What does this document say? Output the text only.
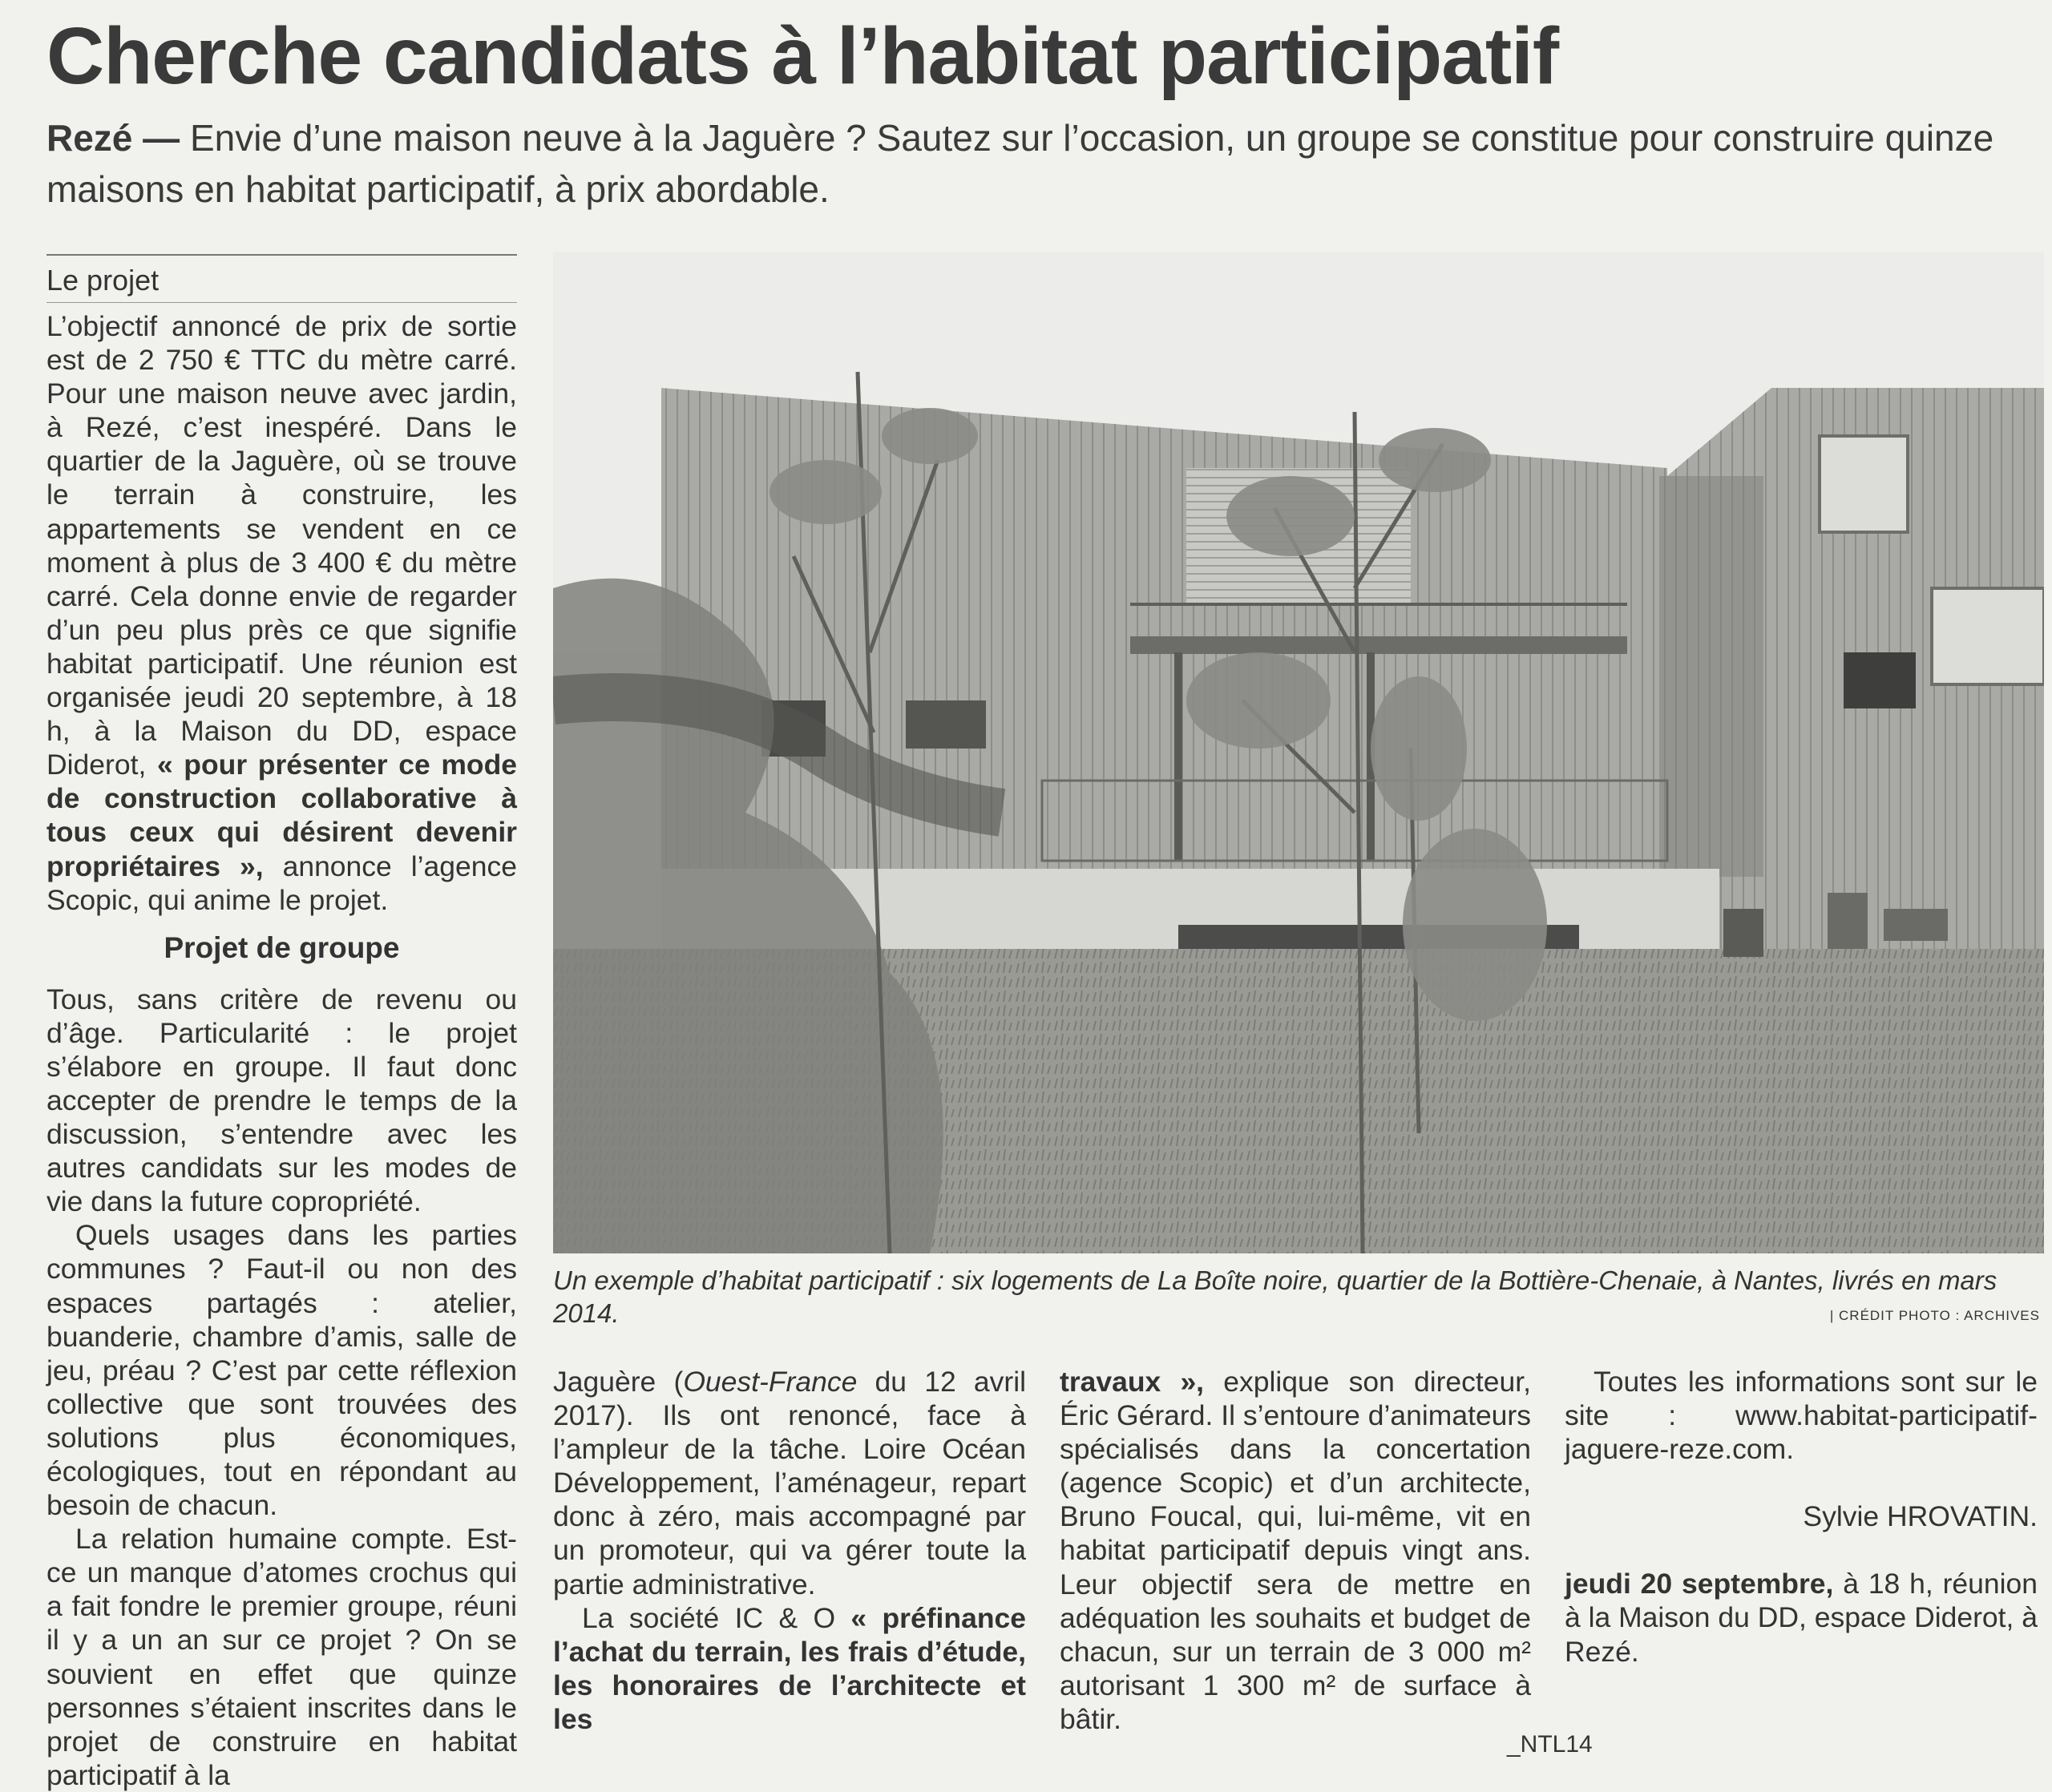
Cherche candidats à l’habitat participatif
Rezé — Envie d’une maison neuve à la Jaguère ? Sautez sur l’occasion, un groupe se constitue pour construire quinze maisons en habitat participatif, à prix abordable.
Le projet

L’objectif annoncé de prix de sortie est de 2 750 € TTC du mètre carré. Pour une maison neuve avec jardin, à Rezé, c’est inespéré. Dans le quartier de la Jaguère, où se trouve le terrain à construire, les appartements se vendent en ce moment à plus de 3 400 € du mètre carré. Cela donne envie de regarder d’un peu plus près ce que signifie habitat participatif. Une réunion est organisée jeudi 20 septembre, à 18 h, à la Maison du DD, espace Diderot, « pour présenter ce mode de construction collaborative à tous ceux qui désirent devenir propriétaires », annonce l’agence Scopic, qui anime le projet.

Projet de groupe

Tous, sans critère de revenu ou d’âge. Particularité : le projet s’élabore en groupe. Il faut donc accepter de prendre le temps de la discussion, s’entendre avec les autres candidats sur les modes de vie dans la future copropriété.

Quels usages dans les parties communes ? Faut-il ou non des espaces partagés : atelier, buanderie, chambre d’amis, salle de jeu, préau ? C’est par cette réflexion collective que sont trouvées des solutions plus économiques, écologiques, tout en répondant au besoin de chacun.

La relation humaine compte. Est-ce un manque d’atomes crochus qui a fait fondre le premier groupe, réuni il y a un an sur ce projet ? On se souvient en effet que quinze personnes s’étaient inscrites dans le projet de construire en habitat participatif à la

Un exemple d’habitat participatif : six logements de La Boîte noire, quartier de la Bottière-Chenaie, à Nantes, livrés en mars 2014.	| CRÉDIT PHOTO : ARCHIVES

Jaguère (Ouest-France du 12 avril 2017). Ils ont renoncé, face à l’ampleur de la tâche. Loire Océan Développement, l’aménageur, repart donc à zéro, mais accompagné par un promoteur, qui va gérer toute la partie administrative.

La société IC & O « préfinance l’achat du terrain, les frais d’étude, les honoraires de l’architecte et les

travaux », explique son directeur, Éric Gérard. Il s’entoure d’animateurs spécialisés dans la concertation (agence Scopic) et d’un architecte, Bruno Foucal, qui, lui-même, vit en habitat participatif depuis vingt ans. Leur objectif sera de mettre en adéquation les souhaits et budget de chacun, sur un terrain de 3 000 m² autorisant 1 300 m² de surface à bâtir.

Toutes les informations sont sur le site : www.habitat-participatif-jaguere-reze.com.

Sylvie HROVATIN.

jeudi 20 septembre, à 18 h, réunion à la Maison du DD, espace Diderot, à Rezé.

_NTL14
